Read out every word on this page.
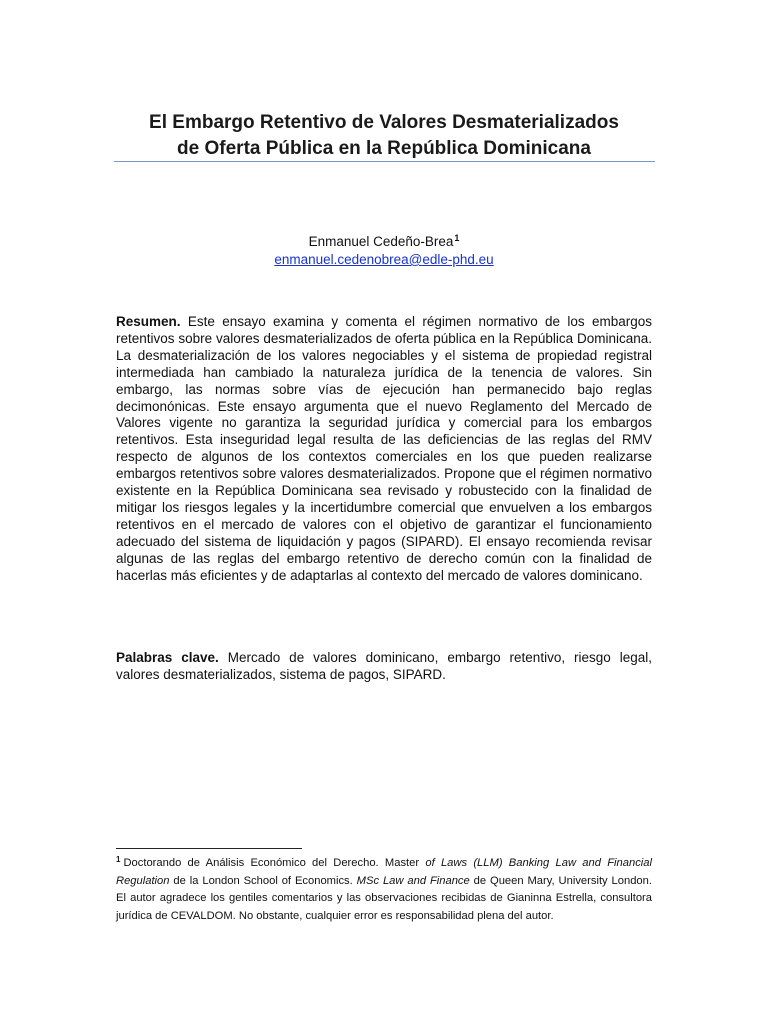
El Embargo Retentivo de Valores Desmaterializados
de Oferta Pública en la República Dominicana
Enmanuel Cedeño-Brea$^1$
enmanuel.cedenobrea@edle-phd.eu

Resumen. Este ensayo examina y comenta el régimen normativo de los embargos retentivos sobre valores desmaterializados de oferta pública en la República Dominicana. La desmaterialización de los valores negociables y el sistema de propiedad registral intermediada han cambiado la naturaleza jurídica de la tenencia de valores. Sin embargo, las normas sobre vías de ejecución han permanecido bajo reglas decimonónicas. Este ensayo argumenta que el nuevo Reglamento del Mercado de Valores vigente no garantiza la seguridad jurídica y comercial para los embargos retentivos. Esta inseguridad legal resulta de las deficiencias de las reglas del RMV respecto de algunos de los contextos comerciales en los que pueden realizarse embargos retentivos sobre valores desmaterializados. Propone que el régimen normativo existente en la República Dominicana sea revisado y robustecido con la finalidad de mitigar los riesgos legales y la incertidumbre comercial que envuelven a los embargos retentivos en el mercado de valores con el objetivo de garantizar el funcionamiento adecuado del sistema de liquidación y pagos (SIPARD). El ensayo recomienda revisar algunas de las reglas del embargo retentivo de derecho común con la finalidad de hacerlas más eficientes y de adaptarlas al contexto del mercado de valores dominicano.

Palabras clave. Mercado de valores dominicano, embargo retentivo, riesgo legal, valores desmaterializados, sistema de pagos, SIPARD.

$^1$ Doctorando de Análisis Económico del Derecho. Master of Laws (LLM) Banking Law and Financial Regulation de la London School of Economics. MSc Law and Finance de Queen Mary, University London. El autor agradece los gentiles comentarios y las observaciones recibidas de Gianinna Estrella, consultora jurídica de CEVALDOM. No obstante, cualquier error es responsabilidad plena del autor.
